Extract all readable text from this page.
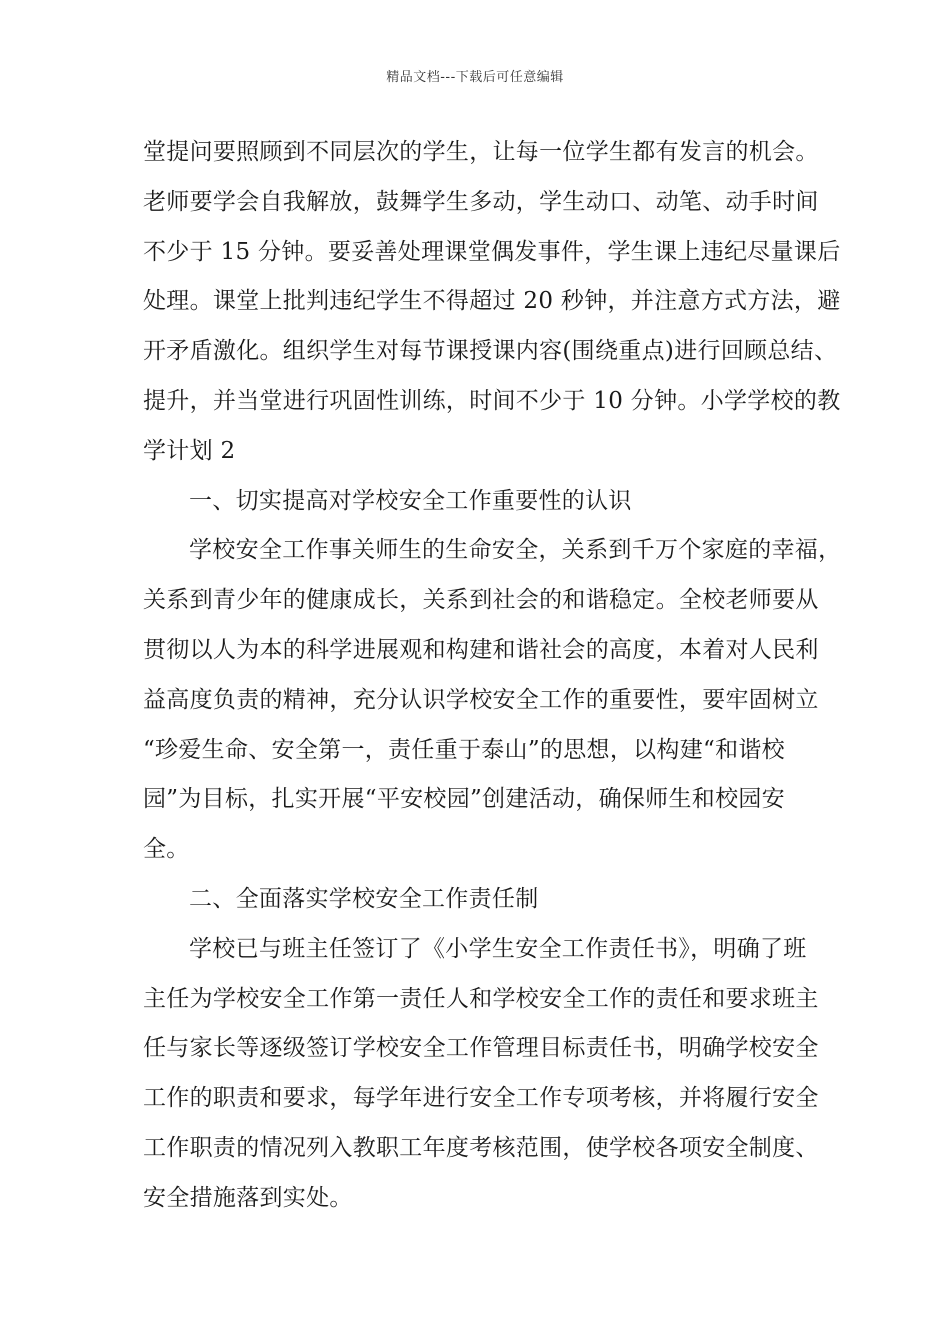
精品文档---下载后可任意编辑
堂提问要照顾到不同层次的学生，让每一位学生都有发言的机会。
老师要学会自我解放，鼓舞学生多动，学生动口、动笔、动手时间
不少于 15 分钟。要妥善处理课堂偶发事件，学生课上违纪尽量课后
处理。课堂上批判违纪学生不得超过 20 秒钟，并注意方式方法，避
开矛盾激化。组织学生对每节课授课内容(围绕重点)进行回顾总结、
提升，并当堂进行巩固性训练，时间不少于 10 分钟。小学学校的教
学计划 2
一、切实提高对学校安全工作重要性的认识
学校安全工作事关师生的生命安全，关系到千万个家庭的幸福，
关系到青少年的健康成长，关系到社会的和谐稳定。全校老师要从
贯彻以人为本的科学进展观和构建和谐社会的高度，本着对人民利
益高度负责的精神，充分认识学校安全工作的重要性，要牢固树立
“珍爱生命、安全第一，责任重于泰山”的思想，以构建“和谐校
园”为目标，扎实开展“平安校园”创建活动，确保师生和校园安
全。
二、全面落实学校安全工作责任制
学校已与班主任签订了《小学生安全工作责任书》，明确了班
主任为学校安全工作第一责任人和学校安全工作的责任和要求班主
任与家长等逐级签订学校安全工作管理目标责任书，明确学校安全
工作的职责和要求，每学年进行安全工作专项考核，并将履行安全
工作职责的情况列入教职工年度考核范围，使学校各项安全制度、
安全措施落到实处。
